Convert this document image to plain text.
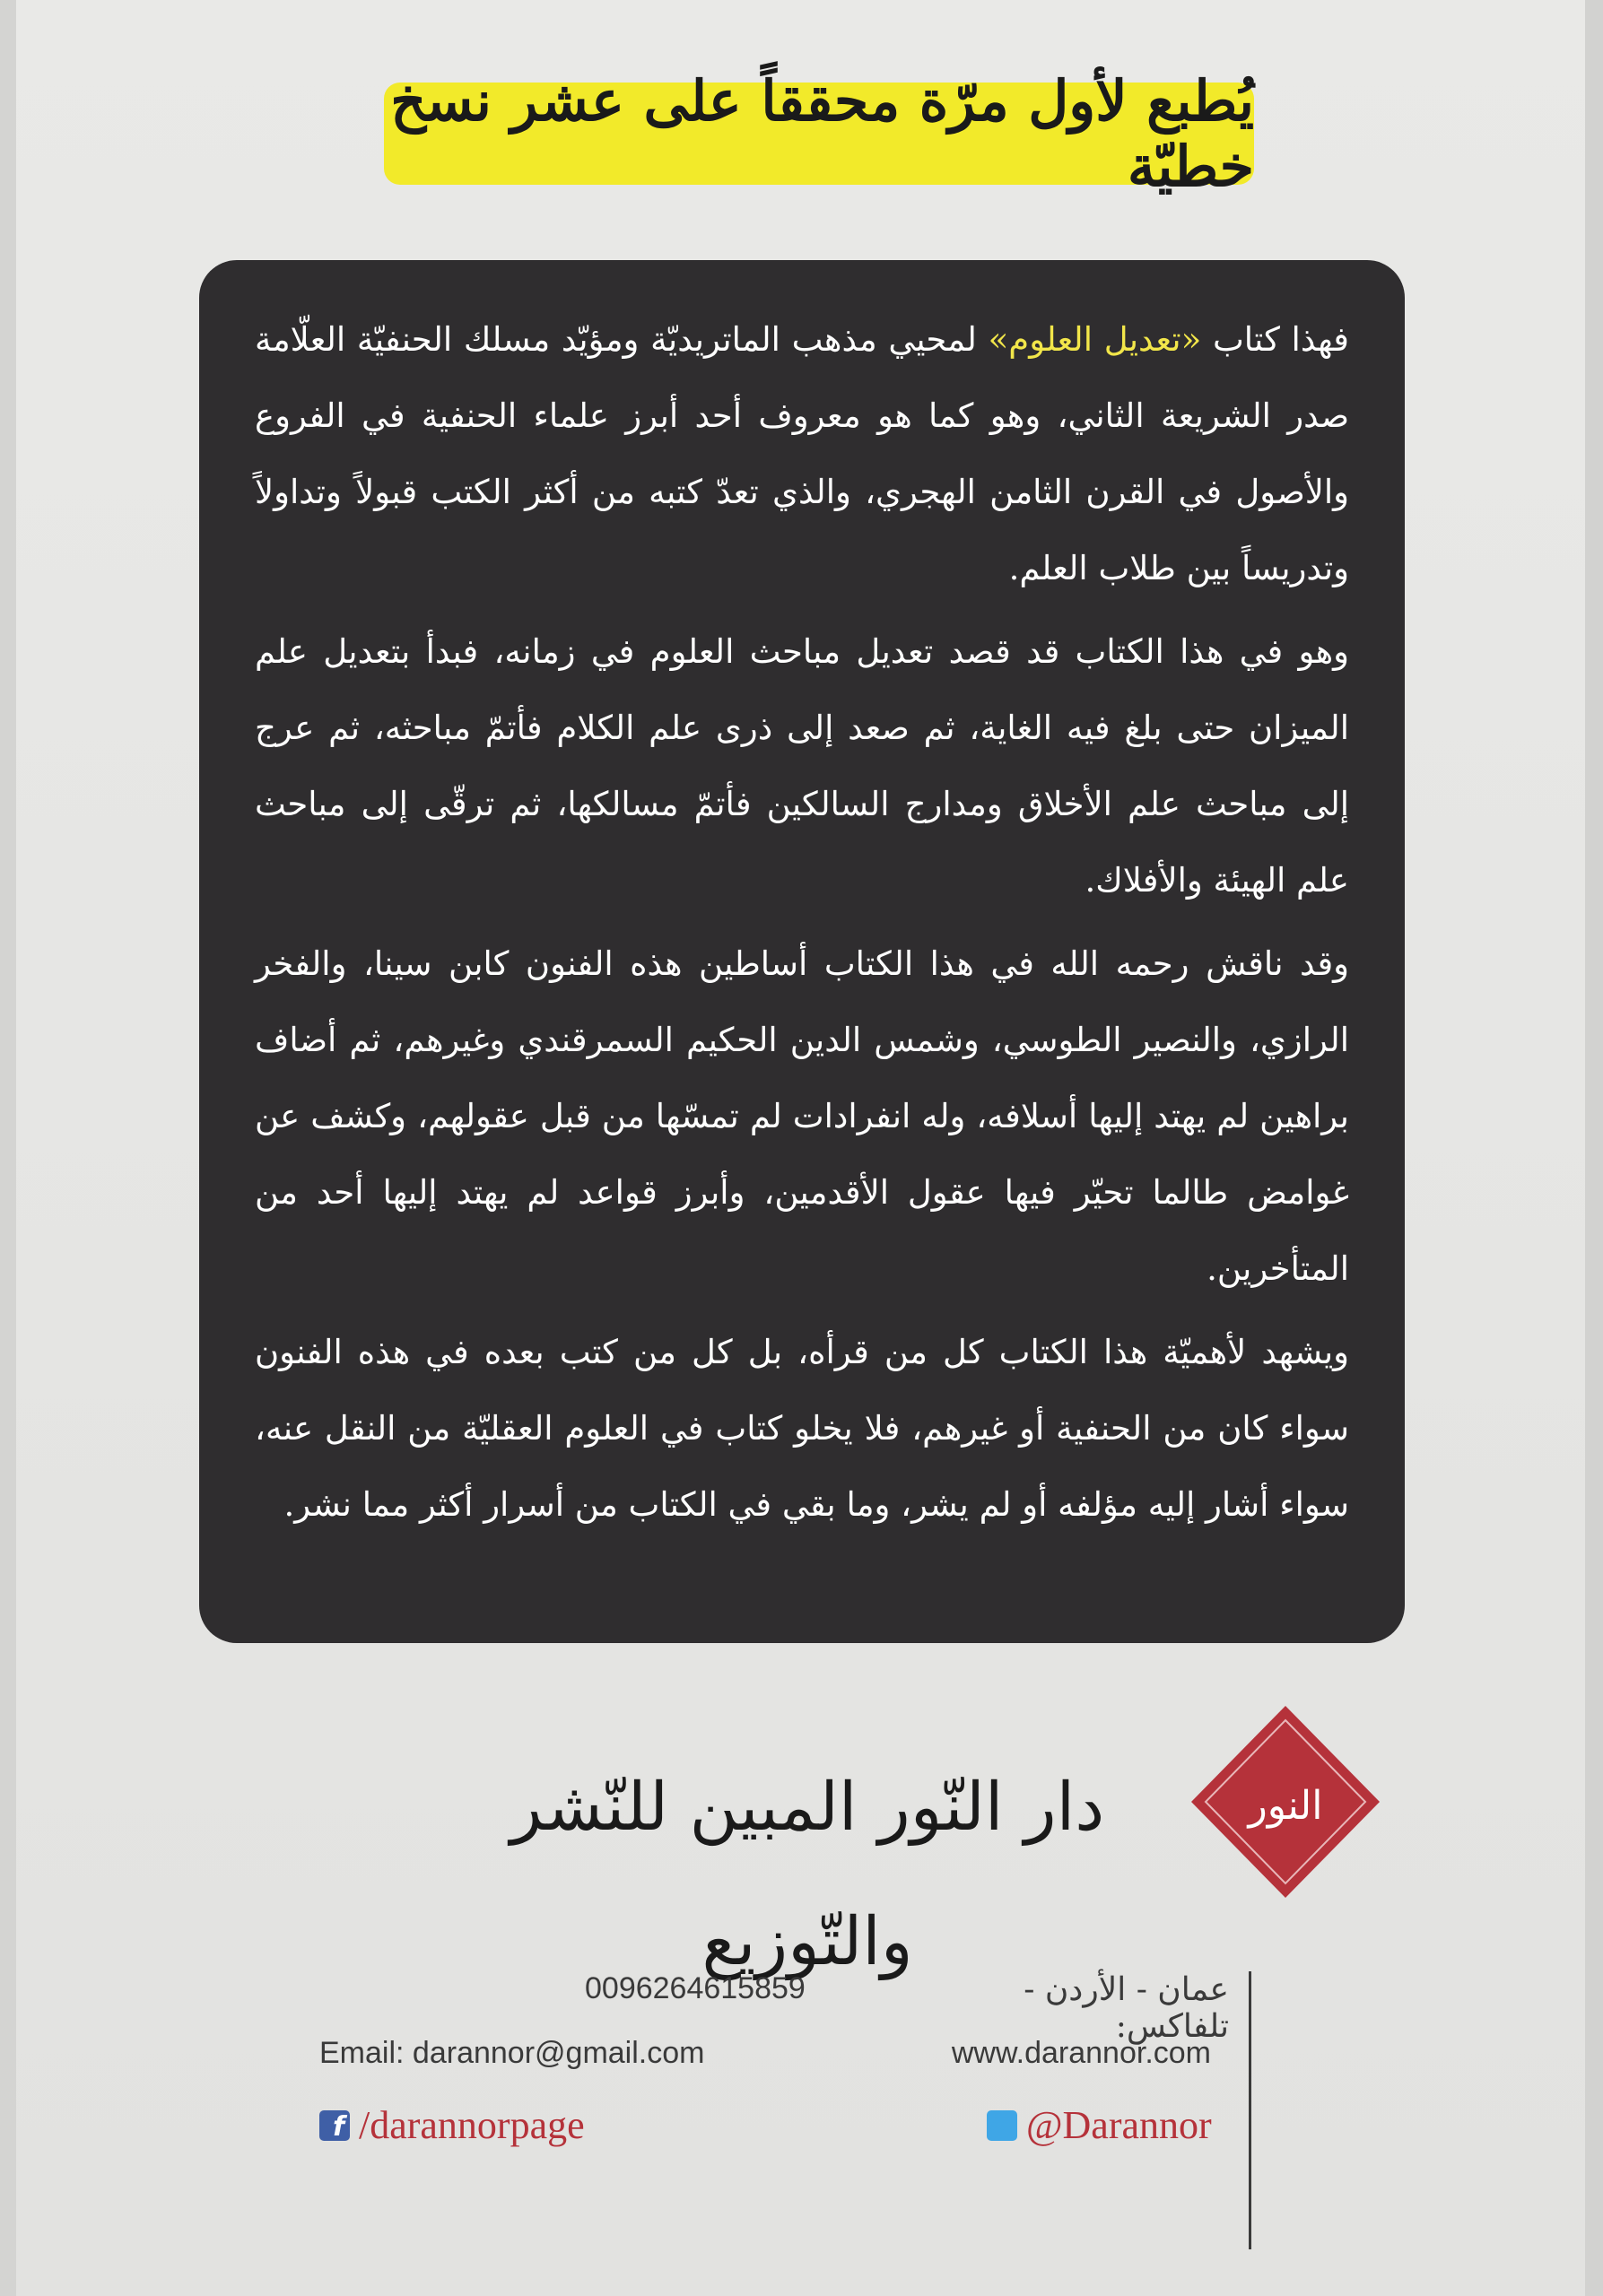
يُطبع لأول مرّة محققاً على عشر نسخ خطيّة

فهذا كتاب «تعديل العلوم» لمحيي مذهب الماتريديّة ومؤيّد مسلك الحنفيّة العلّامة صدر الشريعة الثاني، وهو كما هو معروف أحد أبرز علماء الحنفية في الفروع والأصول في القرن الثامن الهجري، والذي تعدّ كتبه من أكثر الكتب قبولاً وتداولاً وتدريساً بين طلاب العلم.

وهو في هذا الكتاب قد قصد تعديل مباحث العلوم في زمانه، فبدأ بتعديل علم الميزان حتى بلغ فيه الغاية، ثم صعد إلى ذرى علم الكلام فأتمّ مباحثه، ثم عرج إلى مباحث علم الأخلاق ومدارج السالكين فأتمّ مسالكها، ثم ترقّى إلى مباحث علم الهيئة والأفلاك.

وقد ناقش رحمه الله في هذا الكتاب أساطين هذه الفنون كابن سينا، والفخر الرازي، والنصير الطوسي، وشمس الدين الحكيم السمرقندي وغيرهم، ثم أضاف براهين لم يهتد إليها أسلافه، وله انفرادات لم تمسّها من قبل عقولهم، وكشف عن غوامض طالما تحيّر فيها عقول الأقدمين، وأبرز قواعد لم يهتد إليها أحد من المتأخرين.

ويشهد لأهميّة هذا الكتاب كل من قرأه، بل كل من كتب بعده في هذه الفنون سواء كان من الحنفية أو غيرهم، فلا يخلو كتاب في العلوم العقليّة من النقل عنه، سواء أشار إليه مؤلفه أو لم يشر، وما بقي في الكتاب من أسرار أكثر مما نشر.

دار النّور المبين للنّشر والتّوزيع
النور
عمان - الأردن - تلفاكس:
0096264615859
www.darannor.com
Email: darannor@gmail.com
@Darannor
f/darannorpage
